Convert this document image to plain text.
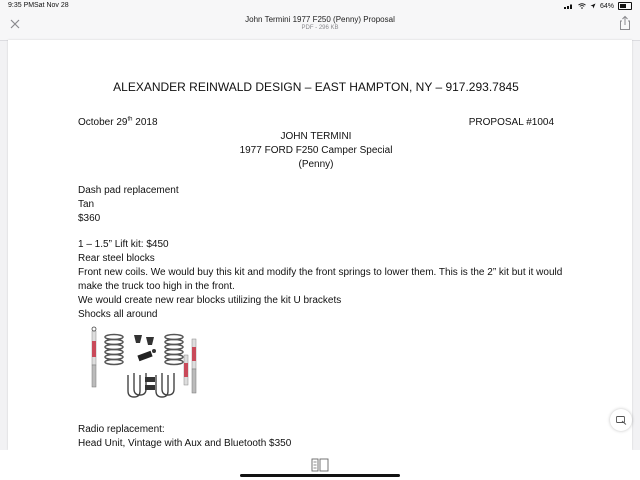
9:35 PM Sat Nov 28	64%
John Termini 1977 F250 (Penny) Proposal
PDF - 296 KB
ALEXANDER REINWALD DESIGN – EAST HAMPTON, NY – 917.293.7845
October 29th 2018	PROPOSAL #1004
JOHN TERMINI
1977 FORD F250 Camper Special
(Penny)
Dash pad replacement
Tan
$360
1 – 1.5” Lift kit: $450
Rear steel blocks
Front new coils. We would buy this kit and modify the front springs to lower them. This is the 2” kit but it would make the truck too high in the front.
We would create new rear blocks utilizing the kit U brackets
Shocks all around
Radio replacement:
Head Unit, Vintage with Aux and Bluetooth $350
